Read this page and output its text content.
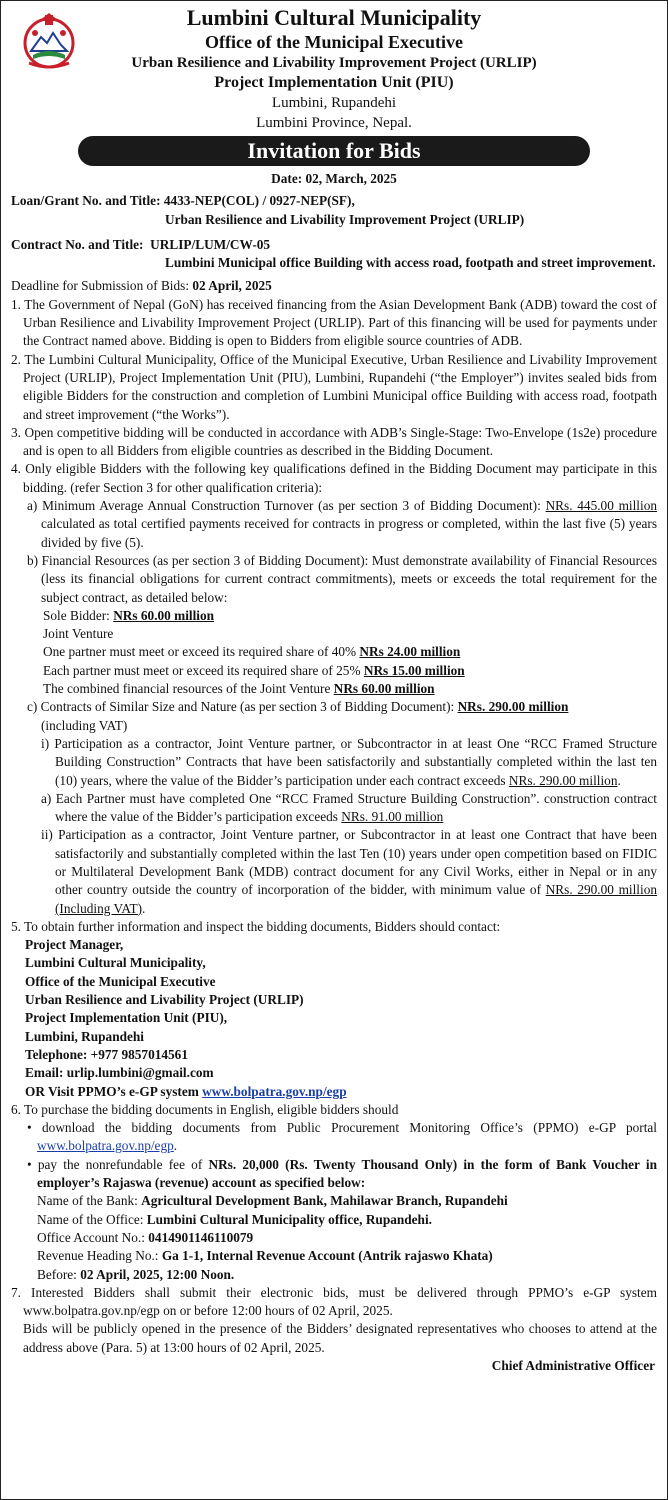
Lumbini Cultural Municipality
Office of the Municipal Executive
Urban Resilience and Livability Improvement Project (URLIP)
Project Implementation Unit (PIU)
Lumbini, Rupandehi
Lumbini Province, Nepal.
Invitation for Bids
Date: 02, March, 2025
Loan/Grant No. and Title: 4433-NEP(COL) / 0927-NEP(SF),
Urban Resilience and Livability Improvement Project (URLIP)
Contract No. and Title: URLIP/LUM/CW-05
Lumbini Municipal office Building with access road, footpath and street improvement.
Deadline for Submission of Bids: 02 April, 2025
1. The Government of Nepal (GoN) has received financing from the Asian Development Bank (ADB) toward the cost of Urban Resilience and Livability Improvement Project (URLIP). Part of this financing will be used for payments under the Contract named above. Bidding is open to Bidders from eligible source countries of ADB.
2. The Lumbini Cultural Municipality, Office of the Municipal Executive, Urban Resilience and Livability Improvement Project (URLIP), Project Implementation Unit (PIU), Lumbini, Rupandehi (“the Employer”) invites sealed bids from eligible Bidders for the construction and completion of Lumbini Municipal office Building with access road, footpath and street improvement (“the Works”).
3. Open competitive bidding will be conducted in accordance with ADB’s Single-Stage: Two-Envelope (1s2e) procedure and is open to all Bidders from eligible countries as described in the Bidding Document.
4. Only eligible Bidders with the following key qualifications defined in the Bidding Document may participate in this bidding. (refer Section 3 for other qualification criteria):
a) Minimum Average Annual Construction Turnover (as per section 3 of Bidding Document): NRs. 445.00 million calculated as total certified payments received for contracts in progress or completed, within the last five (5) years divided by five (5).
b) Financial Resources (as per section 3 of Bidding Document): Must demonstrate availability of Financial Resources (less its financial obligations for current contract commitments), meets or exceeds the total requirement for the subject contract, as detailed below:
Sole Bidder: NRs 60.00 million
Joint Venture
One partner must meet or exceed its required share of 40% NRs 24.00 million
Each partner must meet or exceed its required share of 25% NRs 15.00 million
The combined financial resources of the Joint Venture NRs 60.00 million
c) Contracts of Similar Size and Nature (as per section 3 of Bidding Document): NRs. 290.00 million
(including VAT)
i) Participation as a contractor, Joint Venture partner, or Subcontractor in at least One “RCC Framed Structure Building Construction” Contracts that have been satisfactorily and substantially completed within the last ten (10) years, where the value of the Bidder’s participation under each contract exceeds NRs. 290.00 million.
a) Each Partner must have completed One “RCC Framed Structure Building Construction”. construction contract where the value of the Bidder’s participation exceeds NRs. 91.00 million
ii) Participation as a contractor, Joint Venture partner, or Subcontractor in at least one Contract that have been satisfactorily and substantially completed within the last Ten (10) years under open competition based on FIDIC or Multilateral Development Bank (MDB) contract document for any Civil Works, either in Nepal or in any other country outside the country of incorporation of the bidder, with minimum value of NRs. 290.00 million (Including VAT).
5. To obtain further information and inspect the bidding documents, Bidders should contact:
Project Manager,
Lumbini Cultural Municipality,
Office of the Municipal Executive
Urban Resilience and Livability Project (URLIP)
Project Implementation Unit (PIU),
Lumbini, Rupandehi
Telephone: +977 9857014561
Email: urlip.lumbini@gmail.com
OR Visit PPMO’s e-GP system www.bolpatra.gov.np/egp
6. To purchase the bidding documents in English, eligible bidders should
• download the bidding documents from Public Procurement Monitoring Office’s (PPMO) e-GP portal www.bolpatra.gov.np/egp.
• pay the nonrefundable fee of NRs. 20,000 (Rs. Twenty Thousand Only) in the form of Bank Voucher in employer’s Rajaswa (revenue) account as specified below:
Name of the Bank: Agricultural Development Bank, Mahilawar Branch, Rupandehi
Name of the Office: Lumbini Cultural Municipality office, Rupandehi.
Office Account No.: 0414901146110079
Revenue Heading No.: Ga 1-1, Internal Revenue Account (Antrik rajaswo Khata)
Before: 02 April, 2025, 12:00 Noon.
7. Interested Bidders shall submit their electronic bids, must be delivered through PPMO’s e-GP system www.bolpatra.gov.np/egp on or before 12:00 hours of 02 April, 2025.
Bids will be publicly opened in the presence of the Bidders’ designated representatives who chooses to attend at the address above (Para. 5) at 13:00 hours of 02 April, 2025.
Chief Administrative Officer
